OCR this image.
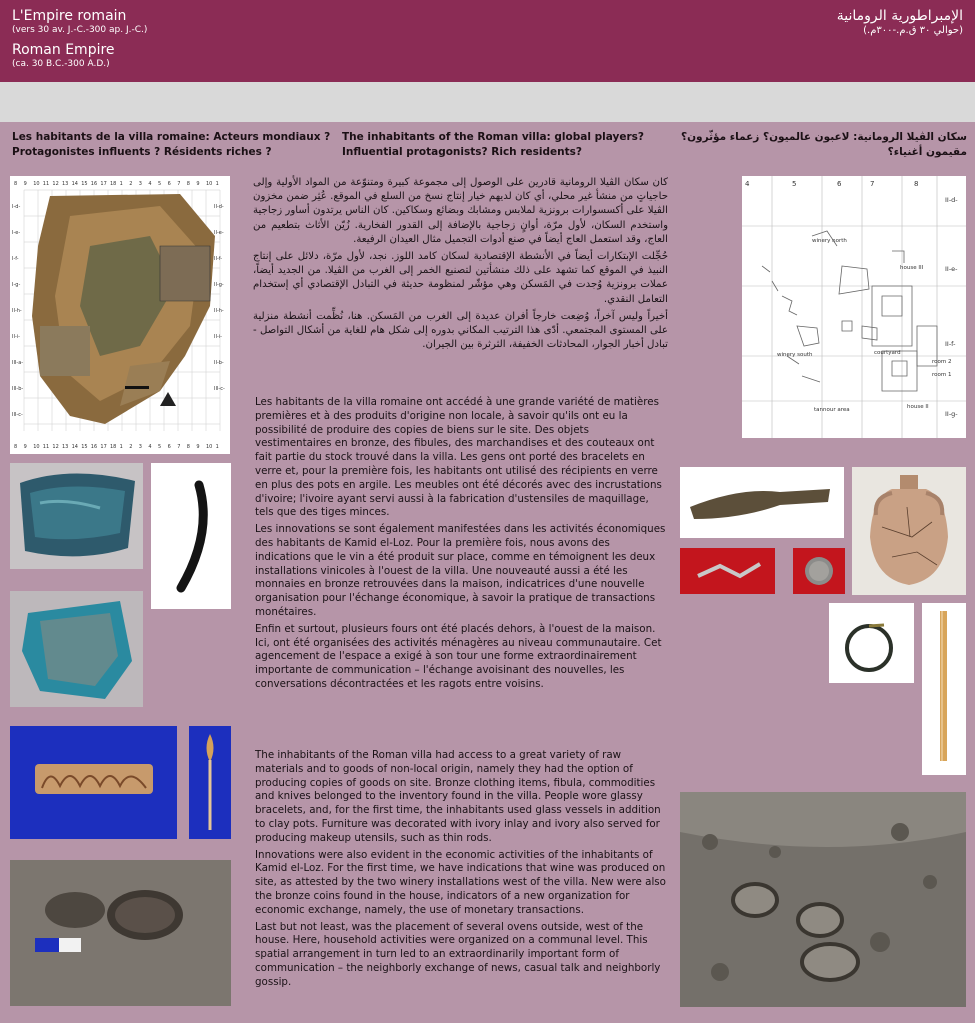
L'Empire romain
(vers 30 av. J.-C.-300 ap. J.-C.)
Roman Empire
(ca. 30 B.C.-300 A.D.)
الإمبراطورية الرومانية
(حوالي ٣٠ ق.م.-٣٠٠م.)
Les habitants de la villa romaine: Acteurs mondiaux ?
Protagonistes influents ? Résidents riches ?
The inhabitants of the Roman villa: global players?
Influential protagonists? Rich residents?
سكان الڤيلا الرومانية: لاعبون عالميون؟ زعماء مؤثّرون؟
مقيمون أغنياء؟

كان سكان الڤيلا الرومانية قادرين على الوصول إلى مجموعة كبيرة ومتنوّعة من المواد الأولية وإلى حاجياتٍ من منشأ غير محلي، أي كان لديهم خيار إنتاج نسخ من السلع في الموقع. عُثِر ضمن مخزون الڤيلا على أكسسوارات برونزية لملابس ومشابك وبضائع وسكاكين. كان الناس يرتدون أساور زجاجية واستخدم السكان، لأول مرّة، أوانٍ زجاجية بالإضافة إلى القدور الفخارية. زُيّن الأثاث بتطعيم من العاج، وقد استعمل العاج أيضاً في صنع أدوات التجميل مثال العيدان الرفيعة.

حُجِّلت الإبتكارات أيضاً في الأنشطة الإقتصادية لسكان كامد اللوز. نجد، لأول مرّة، دلائل على إنتاج النبيذ في الموقع كما تشهد على ذلك منشأتين لتصنيع الخمر إلى الغرب من الڤيلا. من الجديد أيضاً، عملات برونزية وُجدت في المَسكن وهي مؤشّر لمنظومة حديثة في التبادل الإقتصادي أي إستخدام التعامل النقدي.

أخيراً وليس آخراً، وُضِعت خارجاً أفران عديدة إلى الغرب من المَسكن. هنا، نُظِّمت أنشطة منزلية على المستوى المجتمعي. أدّى هذا الترتيب المكاني بدوره إلى شكل هام للغاية من أشكال التواصل - تبادل أخبار الجوار، المحادثات الخفيفة، الثرثرة بين الجيران.

Les habitants de la villa romaine ont accédé à une grande variété de matières premières et à des produits d'origine non locale, à savoir qu'ils ont eu la possibilité de produire des copies de biens sur le site. Des objets vestimentaires en bronze, des fibules, des marchandises et des couteaux ont fait partie du stock trouvé dans la villa. Les gens ont porté des bracelets en verre et, pour la première fois, les habitants ont utilisé des récipients en verre en plus des pots en argile. Les meubles ont été décorés avec des incrustations d'ivoire; l'ivoire ayant servi aussi à la fabrication d'ustensiles de maquillage, tels que des tiges minces.

Les innovations se sont également manifestées dans les activités économiques des habitants de Kamid el-Loz. Pour la première fois, nous avons des indications que le vin a été produit sur place, comme en témoignent les deux installations vinicoles à l'ouest de la villa. Une nouveauté aussi a été les monnaies en bronze retrouvées dans la maison, indicatrices d'une nouvelle organisation pour l'échange économique, à savoir la pratique de transactions monétaires.

Enfin et surtout, plusieurs fours ont été placés dehors, à l'ouest de la maison. Ici, ont été organisées des activités ménagères au niveau communautaire. Cet agencement de l'espace a exigé à son tour une forme extraordinairement importante de communication – l'échange avoisinant des nouvelles, les conversations décontractées et les ragots entre voisins.

The inhabitants of the Roman villa had access to a great variety of raw materials and to goods of non-local origin, namely they had the option of producing copies of goods on site. Bronze clothing items, fibula, commodities and knives belonged to the inventory found in the villa. People wore glassy bracelets, and, for the first time, the inhabitants used glass vessels in addition to clay pots. Furniture was decorated with ivory inlay and ivory also served for producing makeup utensils, such as thin rods.

Innovations were also evident in the economic activities of the inhabitants of Kamid el-Loz. For the first time, we have indications that wine was produced on site, as attested by the two winery installations west of the villa. New were also the bronze coins found in the house, indicators of a new organization for economic exchange, namely, the use of monetary transactions.

Last but not least, was the placement of several ovens outside, west of the house. Here, household activities were organized on a communal level. This spatial arrangement in turn led to an extraordinarily important form of communication – the neighborly exchange of news, casual talk and neighborly gossip.

8 9 10 11 12 13 14 15 16 17 18 1 2 3 4 5 6 7 8 9 10 1
8 9 10 11 12 13 14 15 16 17 18 1 2 3 4 5 6 7 8 9 10 1
I-d-
I-e-
I-f-
I-g-
II-h-
II-i-
III-a-
III-b-
III-c-
II-d-
II-e-
II-f-
II-g-
II-h-
II-i-
II-b-
III-c-
4	5	6	7	8
II-d-
II-e-
II-f-
II-g-
winery north
house III
winery south	courtyard
room 2
room 1
tannour area	house II
